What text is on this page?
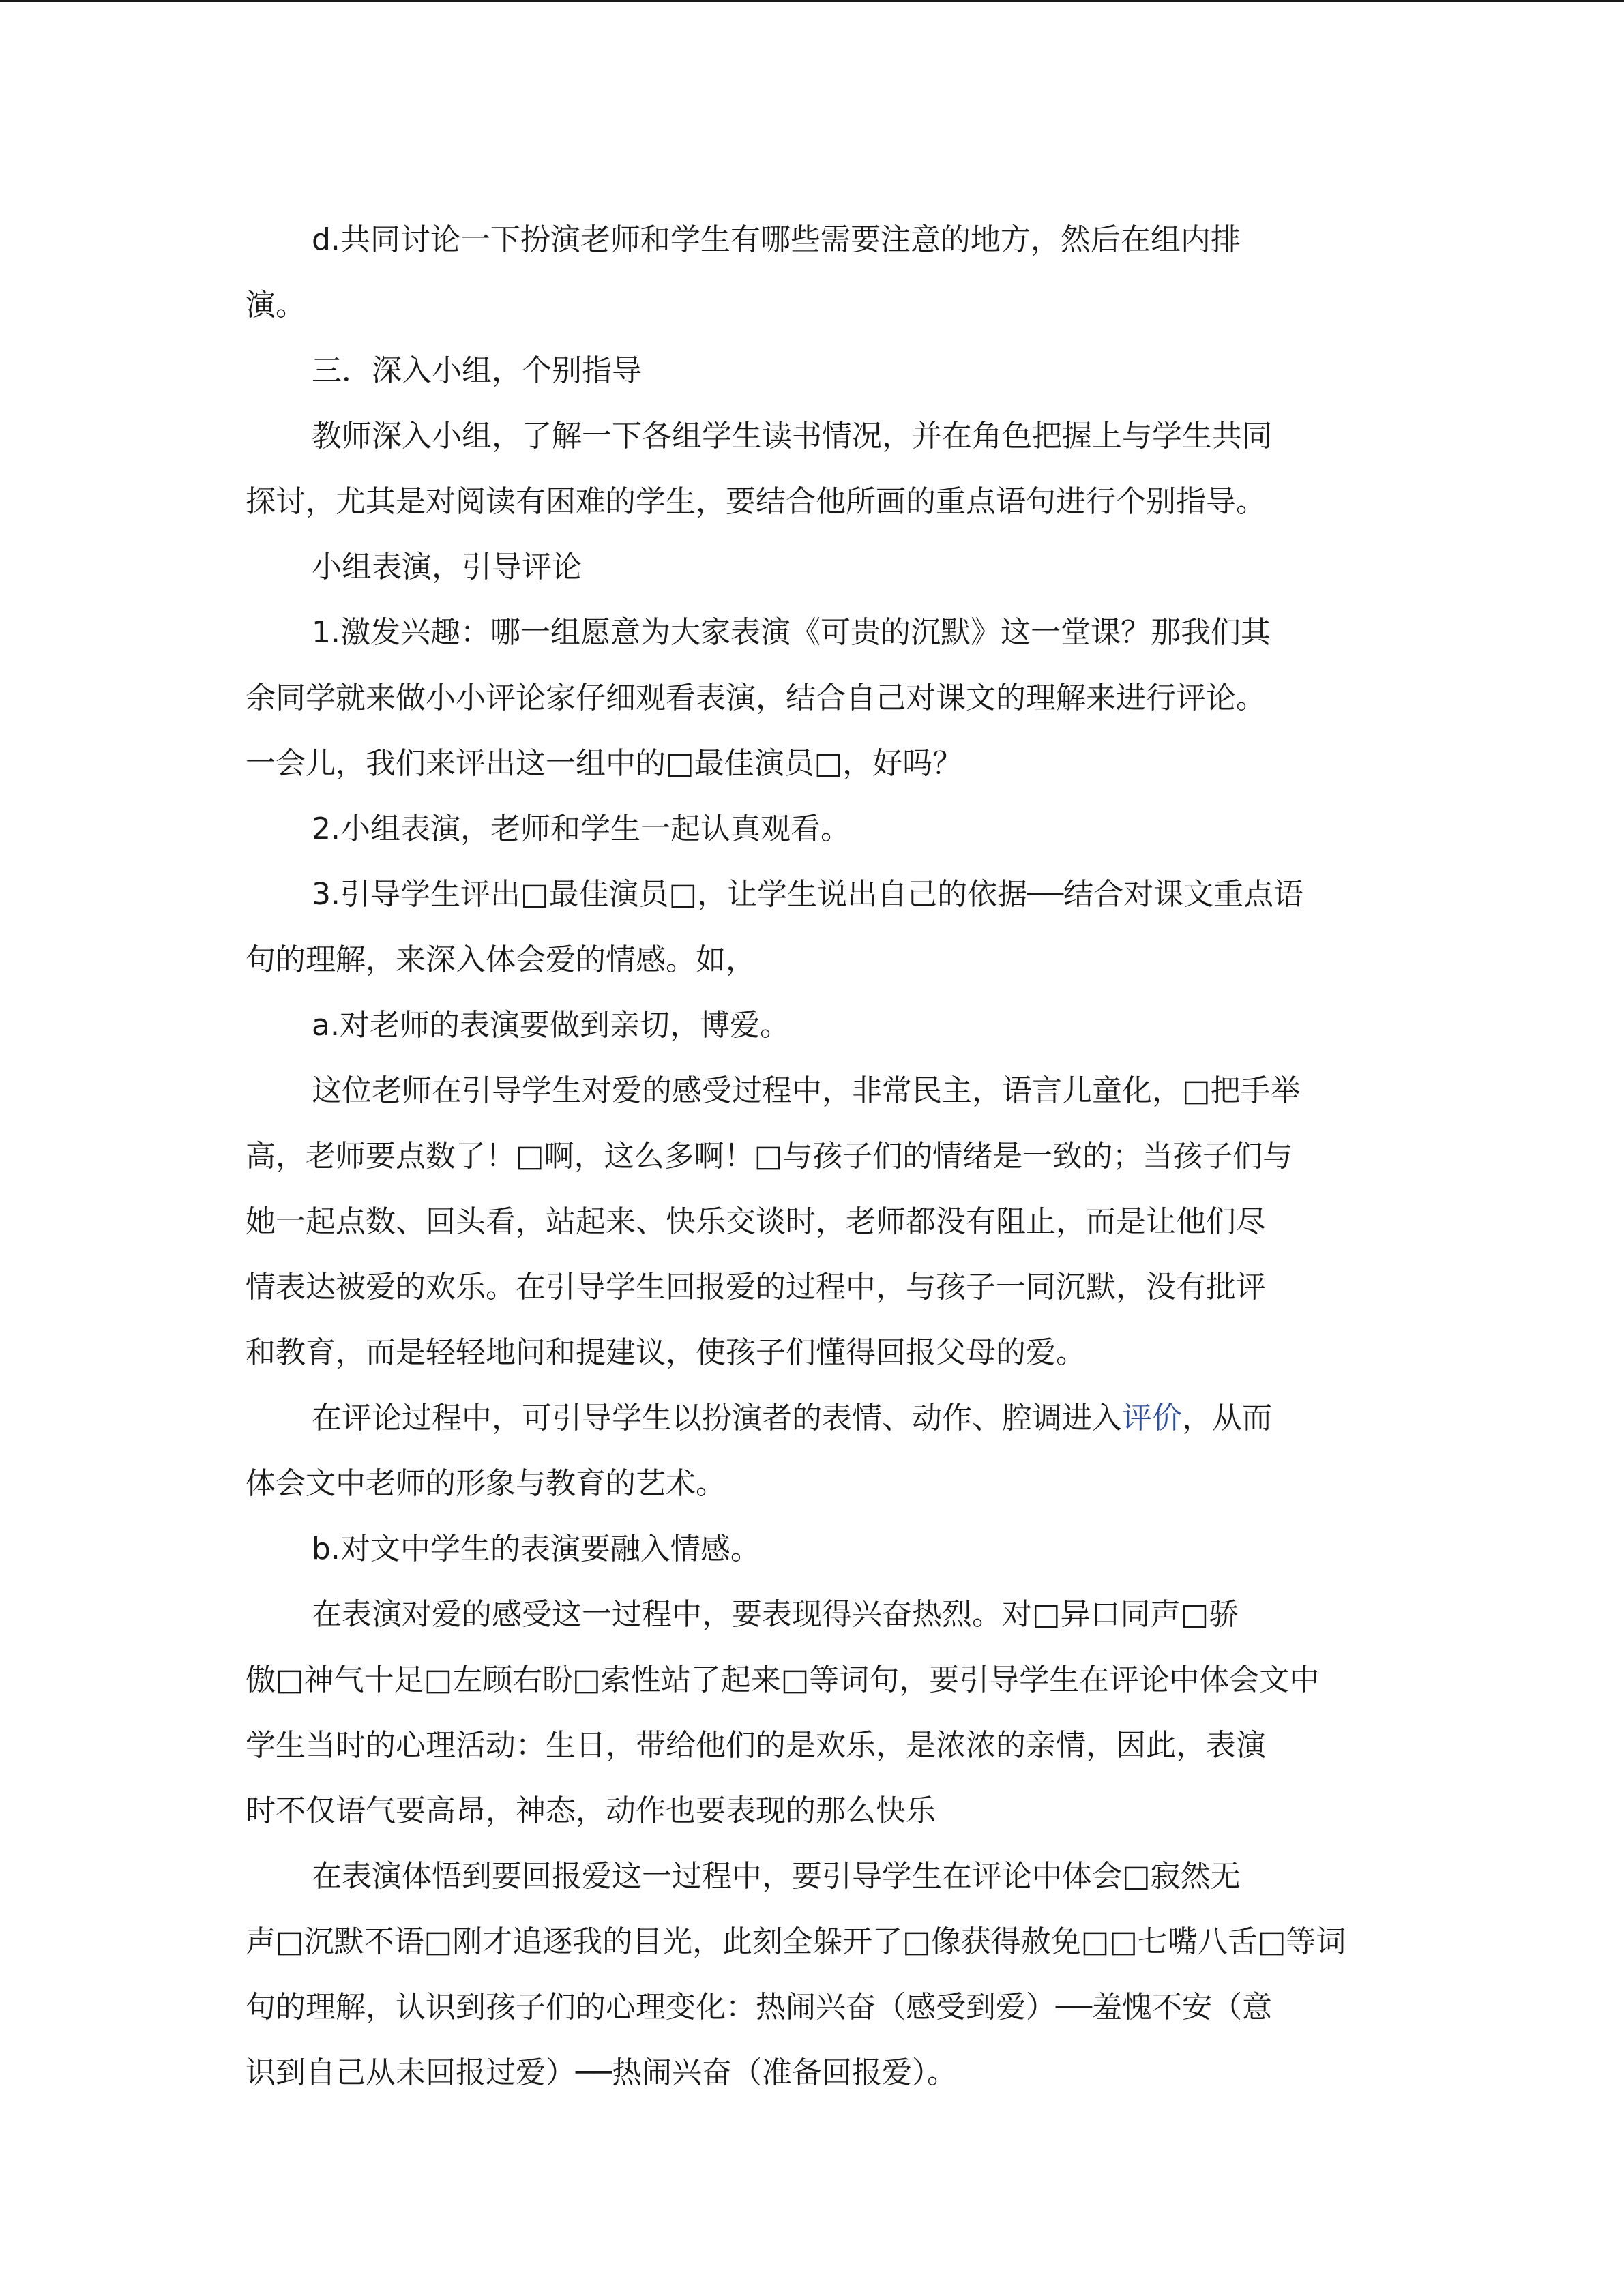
d.共同讨论一下扮演老师和学生有哪些需要注意的地方，然后在组内排
演。
三．深入小组，个别指导
教师深入小组，了解一下各组学生读书情况，并在角色把握上与学生共同
探讨，尤其是对阅读有困难的学生，要结合他所画的重点语句进行个别指导。
小组表演，引导评论
1.激发兴趣：哪一组愿意为大家表演《可贵的沉默》这一堂课？那我们其
余同学就来做小小评论家仔细观看表演，结合自己对课文的理解来进行评论。
一会儿，我们来评出这一组中的□最佳演员□，好吗？
2.小组表演，老师和学生一起认真观看。
3.引导学生评出□最佳演员□，让学生说出自己的依据──结合对课文重点语
句的理解，来深入体会爱的情感。如，
a.对老师的表演要做到亲切，博爱。
这位老师在引导学生对爱的感受过程中，非常民主，语言儿童化，□把手举
高，老师要点数了！□啊，这么多啊！□与孩子们的情绪是一致的；当孩子们与
她一起点数、回头看，站起来、快乐交谈时，老师都没有阻止，而是让他们尽
情表达被爱的欢乐。在引导学生回报爱的过程中，与孩子一同沉默，没有批评
和教育，而是轻轻地问和提建议，使孩子们懂得回报父母的爱。
在评论过程中，可引导学生以扮演者的表情、动作、腔调进入评价，从而
体会文中老师的形象与教育的艺术。
b.对文中学生的表演要融入情感。
在表演对爱的感受这一过程中，要表现得兴奋热烈。对□异口同声□骄
傲□神气十足□左顾右盼□索性站了起来□等词句，要引导学生在评论中体会文中
学生当时的心理活动：生日，带给他们的是欢乐，是浓浓的亲情，因此，表演
时不仅语气要高昂，神态，动作也要表现的那么快乐
在表演体悟到要回报爱这一过程中，要引导学生在评论中体会□寂然无
声□沉默不语□刚才追逐我的目光，此刻全躲开了□像获得赦免□□七嘴八舌□等词
句的理解，认识到孩子们的心理变化：热闹兴奋（感受到爱）──羞愧不安（意
识到自己从未回报过爱）──热闹兴奋（准备回报爱）。
